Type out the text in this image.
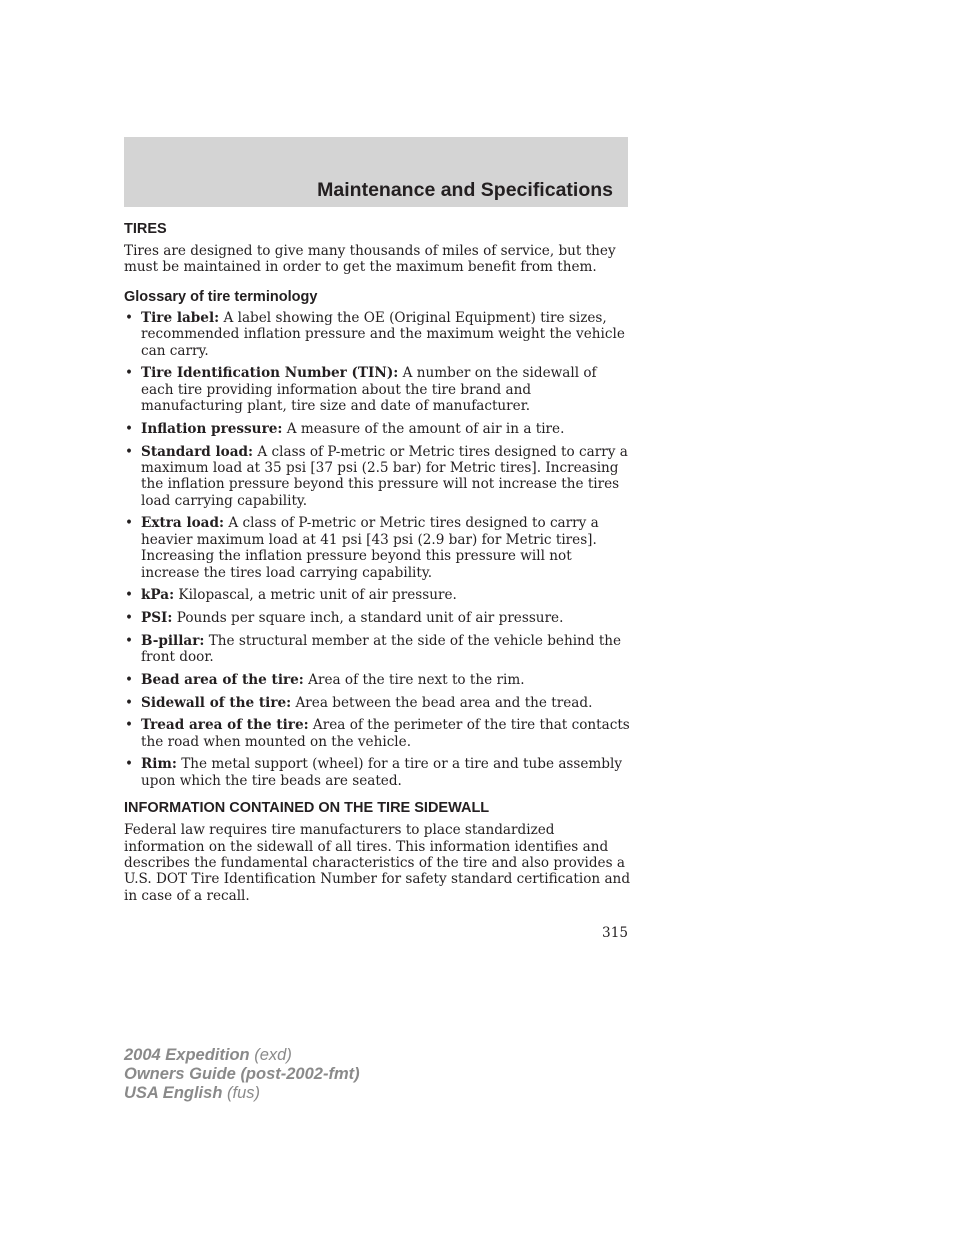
Maintenance and Specifications
TIRES

Tires are designed to give many thousands of miles of service, but they must be maintained in order to get the maximum benefit from them.

Glossary of tire terminology
• Tire label: A label showing the OE (Original Equipment) tire sizes, recommended inflation pressure and the maximum weight the vehicle can carry.
• Tire Identification Number (TIN): A number on the sidewall of each tire providing information about the tire brand and manufacturing plant, tire size and date of manufacturer.
• Inflation pressure: A measure of the amount of air in a tire.
• Standard load: A class of P-metric or Metric tires designed to carry a maximum load at 35 psi [37 psi (2.5 bar) for Metric tires]. Increasing the inflation pressure beyond this pressure will not increase the tires load carrying capability.
• Extra load: A class of P-metric or Metric tires designed to carry a heavier maximum load at 41 psi [43 psi (2.9 bar) for Metric tires]. Increasing the inflation pressure beyond this pressure will not increase the tires load carrying capability.
• kPa: Kilopascal, a metric unit of air pressure.
• PSI: Pounds per square inch, a standard unit of air pressure.
• B-pillar: The structural member at the side of the vehicle behind the front door.
• Bead area of the tire: Area of the tire next to the rim.
• Sidewall of the tire: Area between the bead area and the tread.
• Tread area of the tire: Area of the perimeter of the tire that contacts the road when mounted on the vehicle.
• Rim: The metal support (wheel) for a tire or a tire and tube assembly upon which the tire beads are seated.
INFORMATION CONTAINED ON THE TIRE SIDEWALL

Federal law requires tire manufacturers to place standardized information on the sidewall of all tires. This information identifies and describes the fundamental characteristics of the tire and also provides a U.S. DOT Tire Identification Number for safety standard certification and in case of a recall.

315
2004 Expedition (exd)
Owners Guide (post-2002-fmt)
USA English (fus)
